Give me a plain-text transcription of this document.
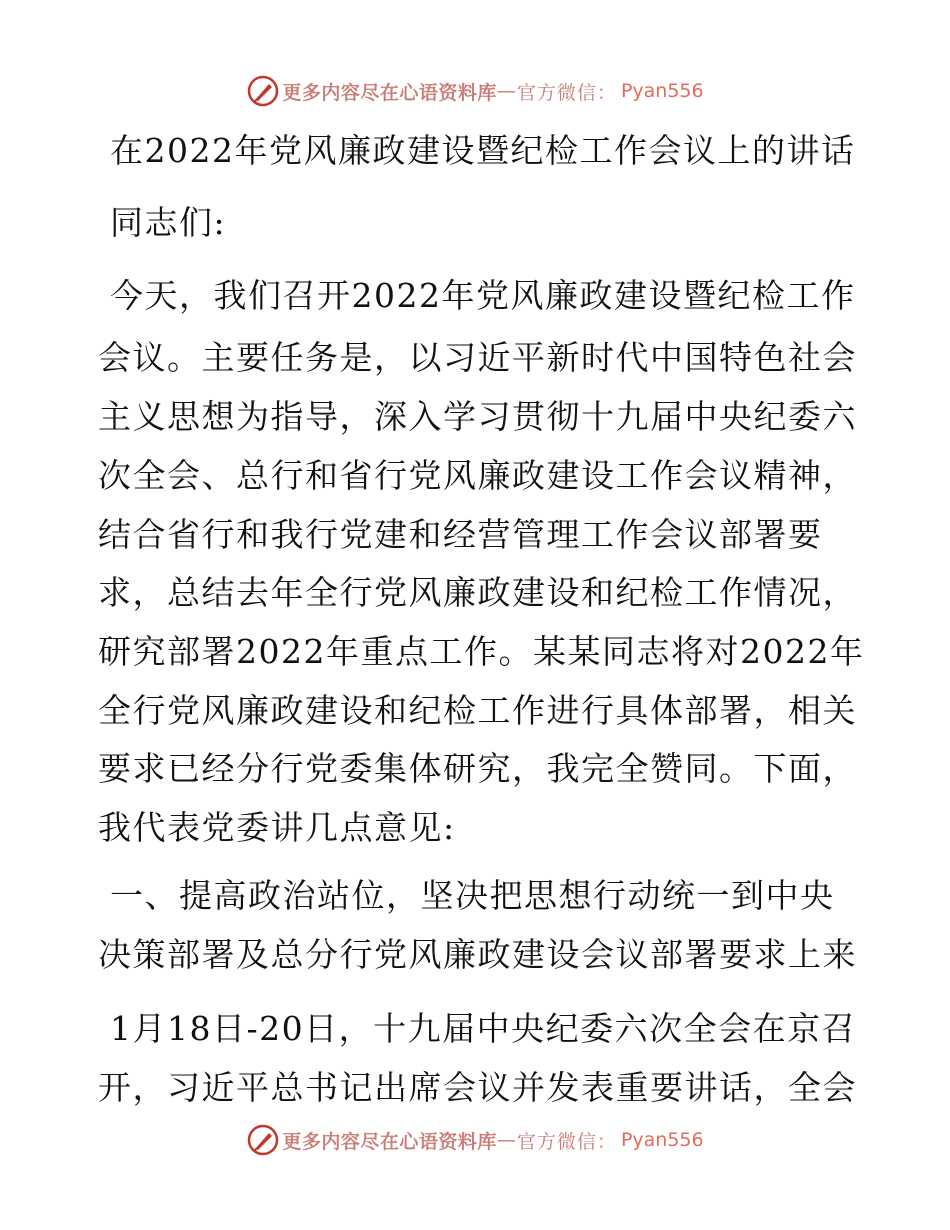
更多内容尽在心语资料库 — 官方微信： Pyan556
在2022年党风廉政建设暨纪检工作会议上的讲话
同志们:
今天，我们召开2022年党风廉政建设暨纪检工作
会议。主要任务是，以习近平新时代中国特色社会
主义思想为指导，深入学习贯彻十九届中央纪委六
次全会、总行和省行党风廉政建设工作会议精神，
结合省行和我行党建和经营管理工作会议部署要
求，总结去年全行党风廉政建设和纪检工作情况，
研究部署2022年重点工作。某某同志将对2022年
全行党风廉政建设和纪检工作进行具体部署，相关
要求已经分行党委集体研究，我完全赞同。下面，
我代表党委讲几点意见:
一、提高政治站位，坚决把思想行动统一到中央
决策部署及总分行党风廉政建设会议部署要求上来
1月18日-20日，十九届中央纪委六次全会在京召
开，习近平总书记出席会议并发表重要讲话，全会
更多内容尽在心语资料库 — 官方微信： Pyan556
